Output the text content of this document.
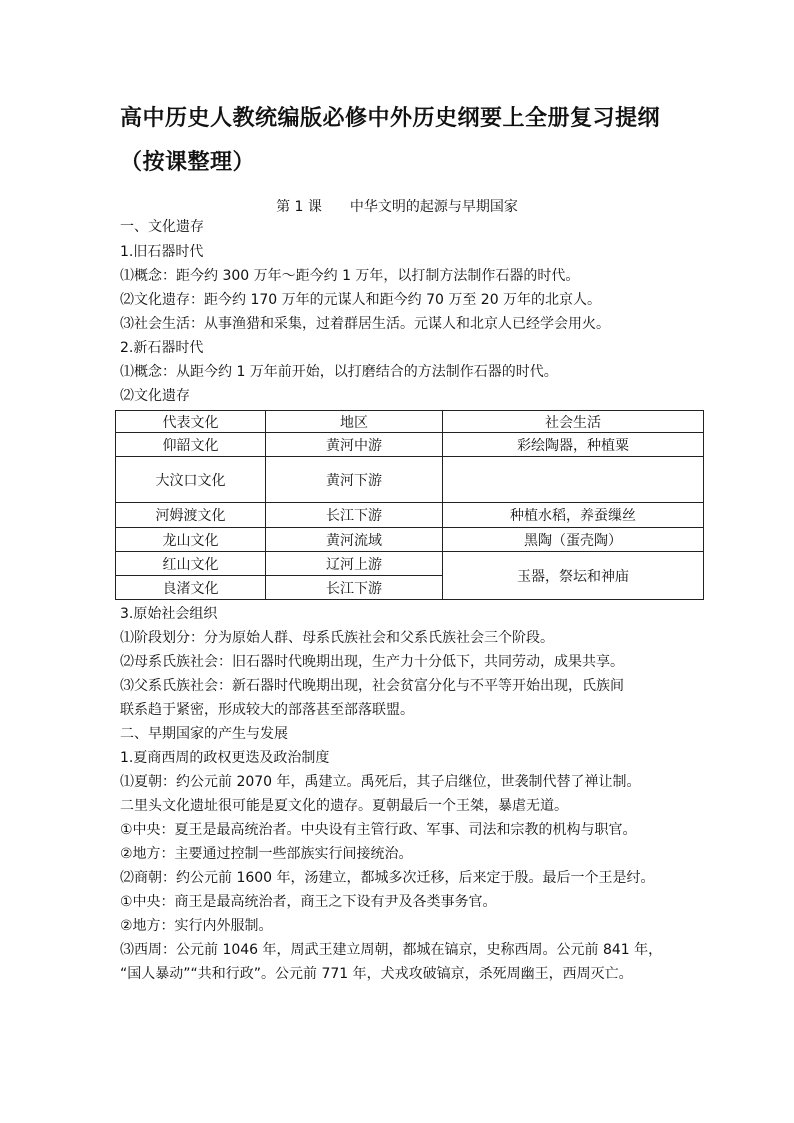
高中历史人教统编版必修中外历史纲要上全册复习提纲
（按课整理）
第 1 课 中华文明的起源与早期国家
一、文化遗存
1.旧石器时代
⑴概念：距今约 300 万年～距今约 1 万年，以打制方法制作石器的时代。
⑵文化遗存：距今约 170 万年的元谋人和距今约 70 万至 20 万年的北京人。
⑶社会生活：从事渔猎和采集，过着群居生活。元谋人和北京人已经学会用火。
2.新石器时代
⑴概念：从距今约 1 万年前开始，以打磨结合的方法制作石器的时代。
⑵文化遗存
代表文化	地区	社会生活
仰韶文化	黄河中游	彩绘陶器，种植粟
大汶口文化	黄河下游	
河姆渡文化	长江下游	种植水稻，养蚕缫丝
龙山文化	黄河流域	黑陶（蛋壳陶）
红山文化	辽河上游	玉器，祭坛和神庙
良渚文化	长江下游	
3.原始社会组织
⑴阶段划分：分为原始人群、母系氏族社会和父系氏族社会三个阶段。
⑵母系氏族社会：旧石器时代晚期出现，生产力十分低下，共同劳动，成果共享。
⑶父系氏族社会：新石器时代晚期出现，社会贫富分化与不平等开始出现，氏族间
联系趋于紧密，形成较大的部落甚至部落联盟。
二、早期国家的产生与发展
1.夏商西周的政权更迭及政治制度
⑴夏朝：约公元前 2070 年，禹建立。禹死后，其子启继位，世袭制代替了禅让制。
二里头文化遗址很可能是夏文化的遗存。夏朝最后一个王桀，暴虐无道。
①中央：夏王是最高统治者。中央设有主管行政、军事、司法和宗教的机构与职官。
②地方：主要通过控制一些部族实行间接统治。
⑵商朝：约公元前 1600 年，汤建立，都城多次迁移，后来定于殷。最后一个王是纣。
①中央：商王是最高统治者，商王之下设有尹及各类事务官。
②地方：实行内外服制。
⑶西周：公元前 1046 年，周武王建立周朝，都城在镐京，史称西周。公元前 841 年，
“国人暴动”“共和行政”。公元前 771 年，犬戎攻破镐京，杀死周幽王，西周灭亡。
